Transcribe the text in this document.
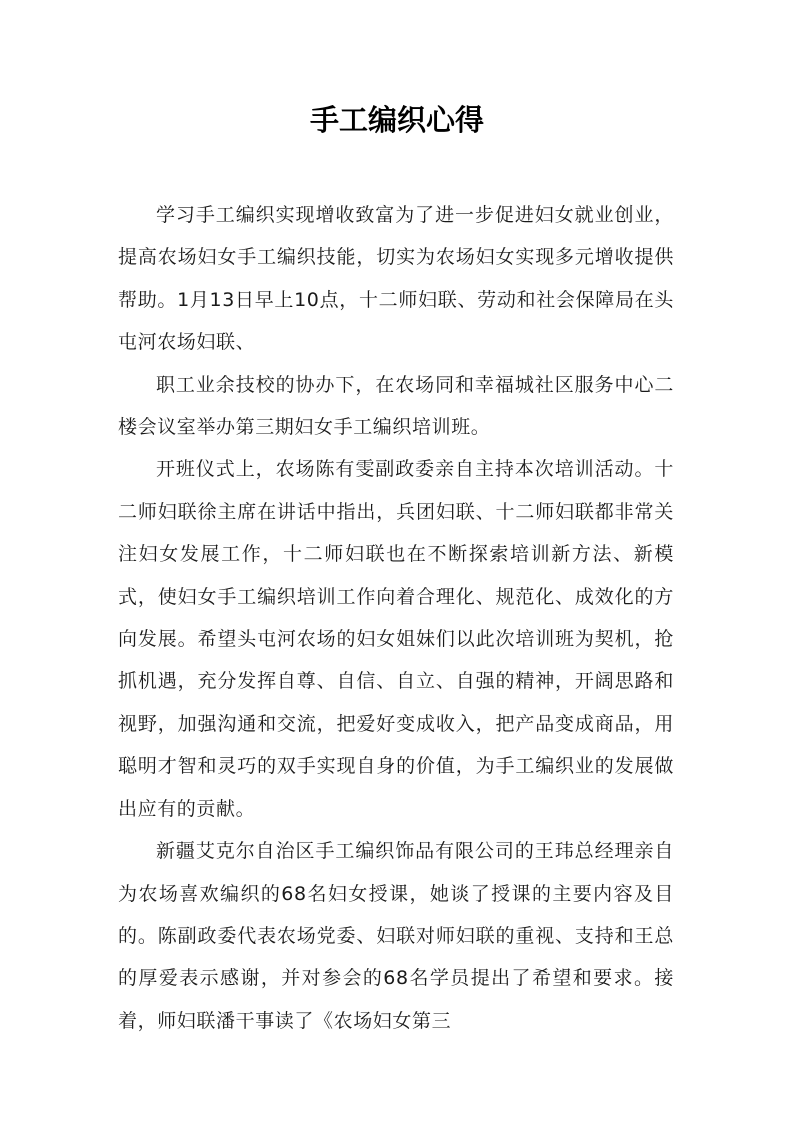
手工编织心得

学习手工编织实现增收致富为了进一步促进妇女就业创业，提高农场妇女手工编织技能，切实为农场妇女实现多元增收提供帮助。1月13日早上10点，十二师妇联、劳动和社会保障局在头屯河农场妇联、

职工业余技校的协办下，在农场同和幸福城社区服务中心二楼会议室举办第三期妇女手工编织培训班。

开班仪式上，农场陈有雯副政委亲自主持本次培训活动。十二师妇联徐主席在讲话中指出，兵团妇联、十二师妇联都非常关注妇女发展工作，十二师妇联也在不断探索培训新方法、新模式，使妇女手工编织培训工作向着合理化、规范化、成效化的方向发展。希望头屯河农场的妇女姐妹们以此次培训班为契机，抢抓机遇，充分发挥自尊、自信、自立、自强的精神，开阔思路和视野，加强沟通和交流，把爱好变成收入，把产品变成商品，用聪明才智和灵巧的双手实现自身的价值，为手工编织业的发展做出应有的贡献。

新疆艾克尔自治区手工编织饰品有限公司的王玮总经理亲自为农场喜欢编织的68名妇女授课，她谈了授课的主要内容及目的。陈副政委代表农场党委、妇联对师妇联的重视、支持和王总的厚爱表示感谢，并对参会的68名学员提出了希望和要求。接着，师妇联潘干事读了《农场妇女第三
